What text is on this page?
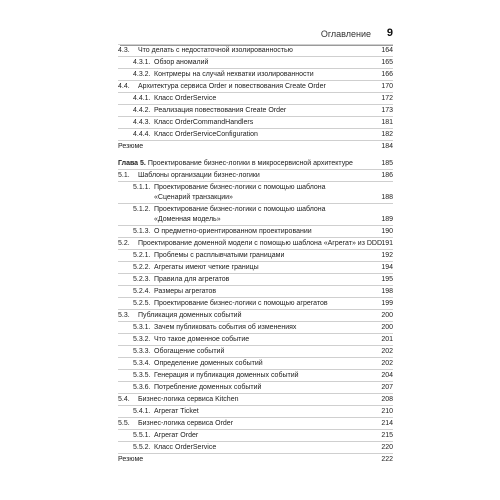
Оглавление 9
4.3. Что делать с недостаточной изолированностью	164
4.3.1. Обзор аномалий	165
4.3.2. Контрмеры на случай нехватки изолированности	166
4.4. Архитектура сервиса Order и повествования Create Order	170
4.4.1. Класс OrderService	172
4.4.2. Реализация повествования Create Order	173
4.4.3. Класс OrderCommandHandlers	181
4.4.4. Класс OrderServiceConfiguration	182
Резюме	184
Глава 5. Проектирование бизнес-логики в микросервисной архитектуре	185
5.1. Шаблоны организации бизнес-логики	186
5.1.1. Проектирование бизнес-логики с помощью шаблона «Сценарий транзакции»	188
5.1.2. Проектирование бизнес-логики с помощью шаблона «Доменная модель»	189
5.1.3. О предметно-ориентированном проектировании	190
5.2. Проектирование доменной модели с помощью шаблона «Агрегат» из DDD 191
5.2.1. Проблемы с расплывчатыми границами	192
5.2.2. Агрегаты имеют четкие границы	194
5.2.3. Правила для агрегатов	195
5.2.4. Размеры агрегатов	198
5.2.5. Проектирование бизнес-логики с помощью агрегатов	199
5.3. Публикация доменных событий	200
5.3.1. Зачем публиковать события об изменениях	200
5.3.2. Что такое доменное событие	201
5.3.3. Обогащение событий	202
5.3.4. Определение доменных событий	202
5.3.5. Генерация и публикация доменных событий	204
5.3.6. Потребление доменных событий	207
5.4. Бизнес-логика сервиса Kitchen	208
5.4.1. Агрегат Ticket	210
5.5. Бизнес-логика сервиса Order	214
5.5.1. Агрегат Order	215
5.5.2. Класс OrderService	220
Резюме	222
